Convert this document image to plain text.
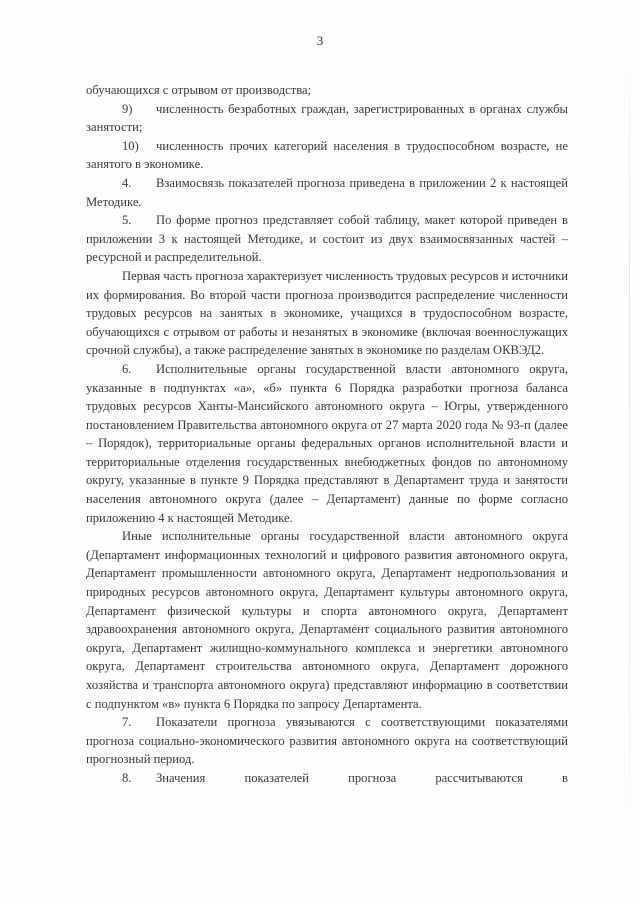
3

обучающихся с отрывом от производства;

9) численность безработных граждан, зарегистрированных в органах службы занятости;

10) численность прочих категорий населения в трудоспособном возрасте, не занятого в экономике.

4. Взаимосвязь показателей прогноза приведена в приложении 2 к настоящей Методике.

5. По форме прогноз представляет собой таблицу, макет которой приведен в приложении 3 к настоящей Методике, и состоит из двух взаимосвязанных частей – ресурсной и распределительной.

Первая часть прогноза характеризует численность трудовых ресурсов и источники их формирования. Во второй части прогноза производится распределение численности трудовых ресурсов на занятых в экономике, учащихся в трудоспособном возрасте, обучающихся с отрывом от работы и незанятых в экономике (включая военнослужащих срочной службы), а также распределение занятых в экономике по разделам ОКВЭД2.

6. Исполнительные органы государственной власти автономного округа, указанные в подпунктах «а», «б» пункта 6 Порядка разработки прогноза баланса трудовых ресурсов Ханты-Мансийского автономного округа – Югры, утвержденного постановлением Правительства автономного округа от 27 марта 2020 года № 93-п (далее – Порядок), территориальные органы федеральных органов исполнительной власти и территориальные отделения государственных внебюджетных фондов по автономному округу, указанные в пункте 9 Порядка представляют в Департамент труда и занятости населения автономного округа (далее – Департамент) данные по форме согласно приложению 4 к настоящей Методике.

Иные исполнительные органы государственной власти автономного округа (Департамент информационных технологий и цифрового развития автономного округа, Департамент промышленности автономного округа, Департамент недропользования и природных ресурсов автономного округа, Департамент культуры автономного округа, Департамент физической культуры и спорта автономного округа, Департамент здравоохранения автономного округа, Департамент социального развития автономного округа, Департамент жилищно-коммунального комплекса и энергетики автономного округа, Департамент строительства автономного округа, Департамент дорожного хозяйства и транспорта автономного округа) представляют информацию в соответствии с подпунктом «в» пункта 6 Порядка по запросу Департамента.

7. Показатели прогноза увязываются с соответствующими показателями прогноза социально-экономического развития автономного округа на соответствующий прогнозный период.

8. Значения показателей прогноза рассчитываются в
